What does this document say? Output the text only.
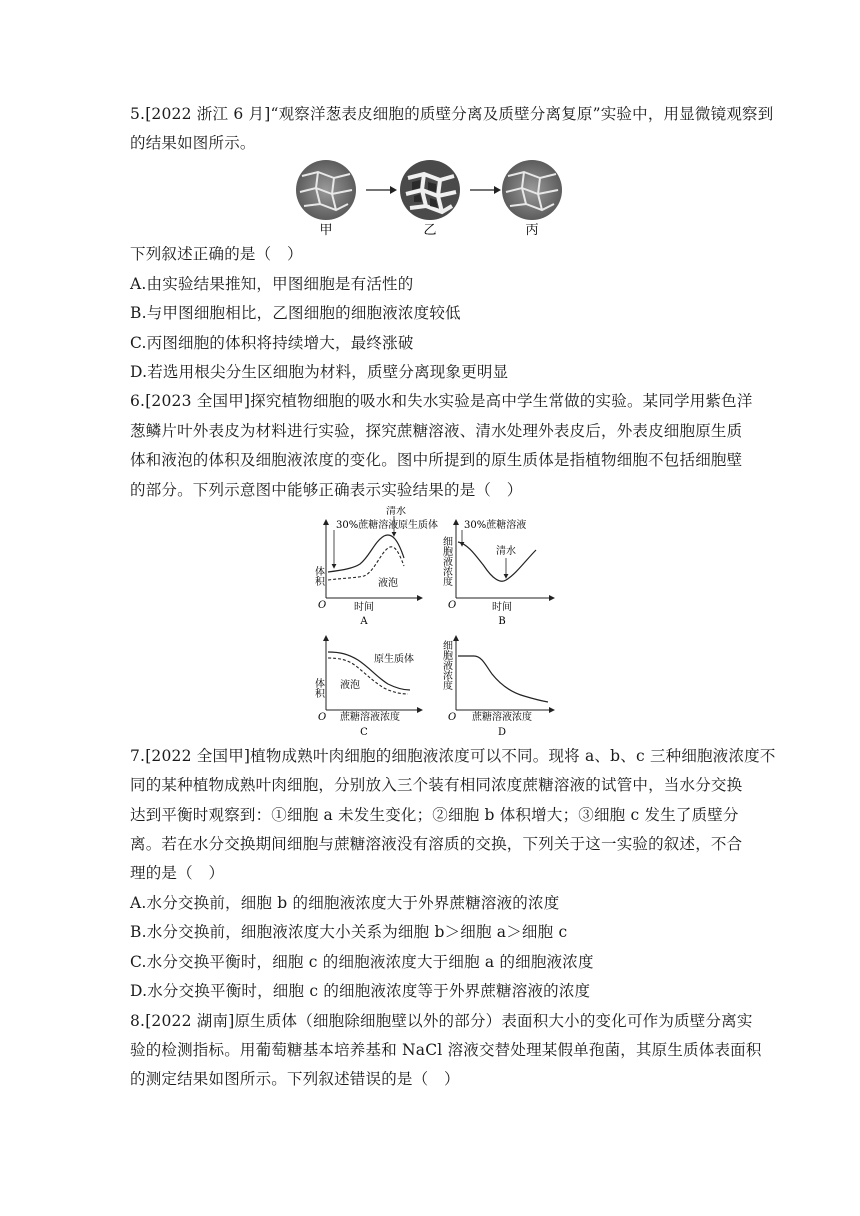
5.[2022 浙江 6 月]“观察洋葱表皮细胞的质壁分离及质壁分离复原”实验中，用显微镜观察到
的结果如图所示。
甲	乙	丙
下列叙述正确的是（　）
A.由实验结果推知，甲图细胞是有活性的
B.与甲图细胞相比，乙图细胞的细胞液浓度较低
C.丙图细胞的体积将持续增大，最终涨破
D.若选用根尖分生区细胞为材料，质壁分离现象更明显
6.[2023 全国甲]探究植物细胞的吸水和失水实验是高中学生常做的实验。某同学用紫色洋
葱鳞片叶外表皮为材料进行实验，探究蔗糖溶液、清水处理外表皮后，外表皮细胞原生质
体和液泡的体积及细胞液浓度的变化。图中所提到的原生质体是指植物细胞不包括细胞壁
的部分。下列示意图中能够正确表示实验结果的是（　）
30%蔗糖溶液
清水
原生质体
液泡
体积
O	时间
A
30%蔗糖溶液
清水
细胞液浓度
O	时间
B
原生质体
液泡
体积
O 蔗糖溶液浓度
C
细胞液浓度
O 蔗糖溶液浓度
D
7.[2022 全国甲]植物成熟叶肉细胞的细胞液浓度可以不同。现将 a、b、c 三种细胞液浓度不
同的某种植物成熟叶肉细胞，分别放入三个装有相同浓度蔗糖溶液的试管中，当水分交换
达到平衡时观察到：①细胞 a 未发生变化；②细胞 b 体积增大；③细胞 c 发生了质壁分
离。若在水分交换期间细胞与蔗糖溶液没有溶质的交换，下列关于这一实验的叙述，不合
理的是（　）
A.水分交换前，细胞 b 的细胞液浓度大于外界蔗糖溶液的浓度
B.水分交换前，细胞液浓度大小关系为细胞 b＞细胞 a＞细胞 c
C.水分交换平衡时，细胞 c 的细胞液浓度大于细胞 a 的细胞液浓度
D.水分交换平衡时，细胞 c 的细胞液浓度等于外界蔗糖溶液的浓度
8.[2022 湖南]原生质体（细胞除细胞壁以外的部分）表面积大小的变化可作为质壁分离实
验的检测指标。用葡萄糖基本培养基和 NaCl 溶液交替处理某假单孢菌，其原生质体表面积
的测定结果如图所示。下列叙述错误的是（　）
